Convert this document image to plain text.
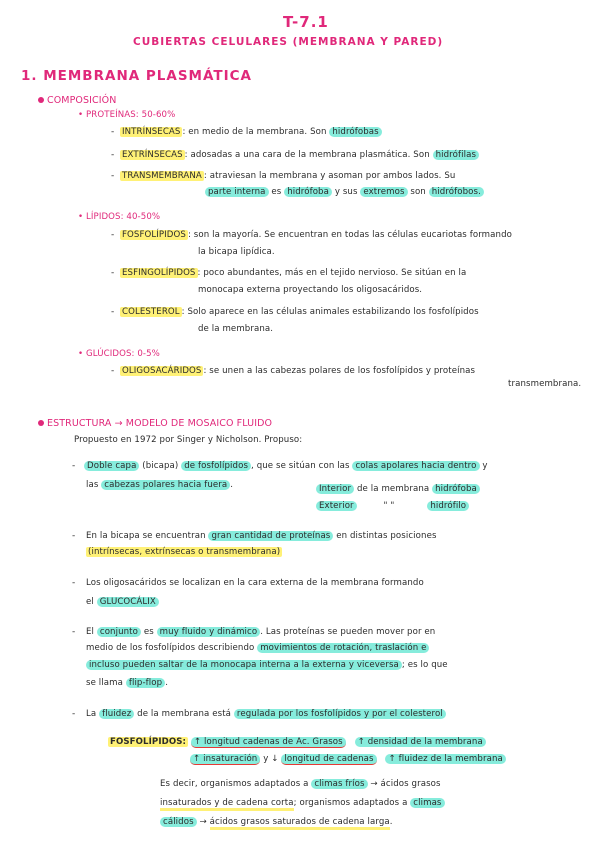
T-7.1
CUBIERTAS CELULARES (MEMBRANA Y PARED)
1. MEMBRANA PLASMÁTICA
COMPOSICIÓN
• PROTEÍNAS: 50-60%
- INTRÍNSECAS : en medio de la membrana. Son hidrófobas
- EXTRÍNSECAS : adosadas a una cara de la membrana plasmática. Son hidrófilas
- TRANSMEMBRANA : atraviesan la membrana y asoman por ambos lados. Su
parte interna es hidrófoba y sus extremos son hidrófobos.
• LÍPIDOS: 40-50%
- FOSFOLÍPIDOS : son la mayoría. Se encuentran en todas las células eucariotas formando
la bicapa lipídica.
- ESFINGOLÍPIDOS : poco abundantes, más en el tejido nervioso. Se sitúan en la
monocapa externa proyectando los oligosacáridos.
- COLESTEROL : Solo aparece en las células animales estabilizando los fosfolípidos
de la membrana.
• GLÚCIDOS: 0-5%
- OLIGOSACÁRIDOS : se unen a las cabezas polares de los fosfolípidos y proteínas
transmembrana.
ESTRUCTURA → MODELO DE MOSAICO FLUIDO
Propuesto en 1972 por Singer y Nicholson. Propuso:
-	Doble capa (bicapa) de fosfolípidos , que se sitúan con las colas apolares hacia dentro y
las cabezas polares hacia fuera .	Interior de la membrana hidrófoba
Exterior	" "	hidrófilo
- En la bicapa se encuentran gran cantidad de proteínas en distintas posiciones
(intrínsecas, extrínsecas o transmembrana)
- Los oligosacáridos se localizan en la cara externa de la membrana formando
el GLUCOCÁLIX
- El conjunto es muy fluido y dinámico . Las proteínas se pueden mover por en
medio de los fosfolípidos describiendo movimientos de rotación, traslación e
incluso pueden saltar de la monocapa interna a la externa y viceversa ; es lo que
se llama flip-flop .
- La fluidez de la membrana está regulada por los fosfolípidos y por el colesterol
FOSFOLÍPIDOS: ↑ longitud cadenas de Ac. Grasos ↑ densidad de la membrana
↑ insaturación y ↓ longitud de cadenas ↑ fluidez de la membrana
Es decir, organismos adaptados a climas fríos → ácidos grasos
insaturados y de cadena corta; organismos adaptados a climas
cálidos → ácidos grasos saturados de cadena larga.
